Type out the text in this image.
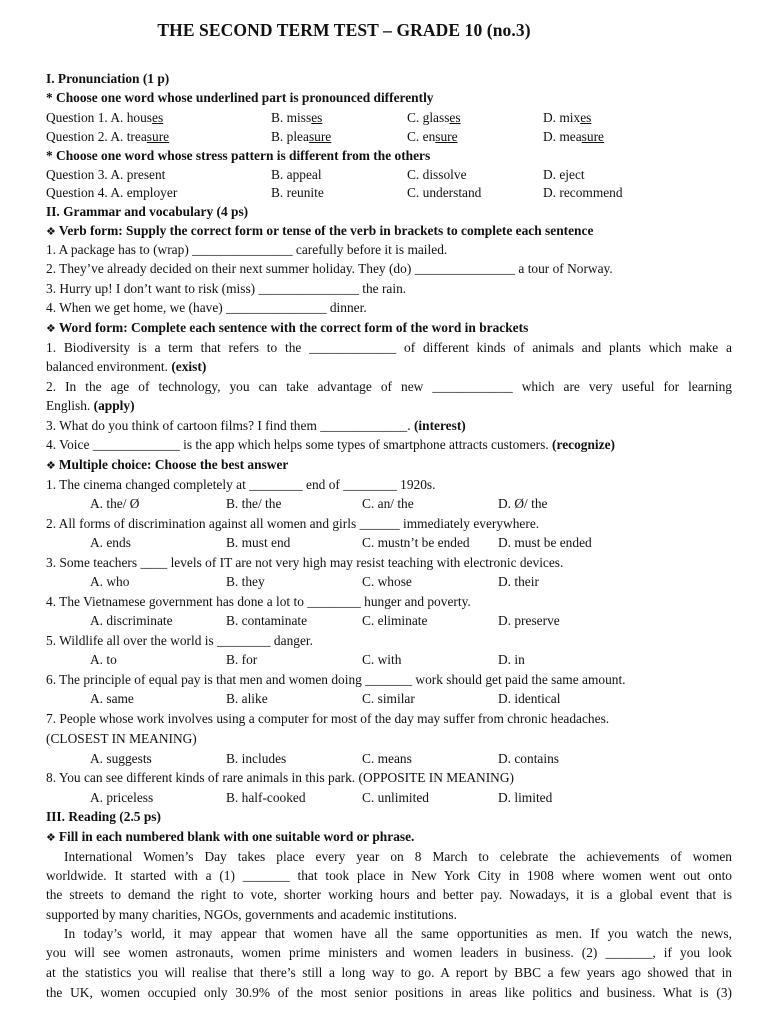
THE SECOND TERM TEST – GRADE 10 (no.3)
I. Pronunciation (1 p)
* Choose one word whose underlined part is pronounced differently
Question 1. A. houses	B. misses	C. glasses	D. mixes
Question 2. A. treasure	B. pleasure	C. ensure	D. measure
* Choose one word whose stress pattern is different from the others
Question 3. A. present	B. appeal	C. dissolve	D. eject
Question 4. A. employer	B. reunite	C. understand	D. recommend
II. Grammar and vocabulary (4 ps)
❖ Verb form: Supply the correct form or tense of the verb in brackets to complete each sentence
1. A package has to (wrap) _______________ carefully before it is mailed.
2. They’ve already decided on their next summer holiday. They (do) _______________ a tour of Norway.
3. Hurry up! I don’t want to risk (miss) _______________ the rain.
4. When we get home, we (have) _______________ dinner.
❖ Word form: Complete each sentence with the correct form of the word in brackets
1. Biodiversity is a term that refers to the _____________ of different kinds of animals and plants which make a
balanced environment. (exist)
2. In the age of technology, you can take advantage of new ____________ which are very useful for learning
English. (apply)
3. What do you think of cartoon films? I find them _____________. (interest)
4. Voice _____________ is the app which helps some types of smartphone attracts customers. (recognize)
❖ Multiple choice: Choose the best answer
1. The cinema changed completely at ________ end of ________ 1920s.
A. the/ Ø	B. the/ the	C. an/ the	D. Ø/ the
2. All forms of discrimination against all women and girls ______ immediately everywhere.
A. ends	B. must end	C. mustn’t be ended D. must be ended
3. Some teachers ____ levels of IT are not very high may resist teaching with electronic devices.
A. who	B. they	C. whose	D. their
4. The Vietnamese government has done a lot to ________ hunger and poverty.
A. discriminate	B. contaminate	C. eliminate	D. preserve
5. Wildlife all over the world is ________ danger.
A. to	B. for	C. with	D. in
6. The principle of equal pay is that men and women doing _______ work should get paid the same amount.
A. same	B. alike	C. similar	D. identical
7. People whose work involves using a computer for most of the day may suffer from chronic headaches.
(CLOSEST IN MEANING)
A. suggests	B. includes	C. means	D. contains
8. You can see different kinds of rare animals in this park. (OPPOSITE IN MEANING)
A. priceless	B. half-cooked	C. unlimited	D. limited
III. Reading (2.5 ps)
❖ Fill in each numbered blank with one suitable word or phrase.
International Women’s Day takes place every year on 8 March to celebrate the achievements of women
worldwide. It started with a (1) _______ that took place in New York City in 1908 where women went out onto
the streets to demand the right to vote, shorter working hours and better pay. Nowadays, it is a global event that is
supported by many charities, NGOs, governments and academic institutions.
In today’s world, it may appear that women have all the same opportunities as men. If you watch the news,
you will see women astronauts, women prime ministers and women leaders in business. (2) _______, if you look
at the statistics you will realise that there’s still a long way to go. A report by BBC a few years ago showed that in
the UK, women occupied only 30.9% of the most senior positions in areas like politics and business. What is (3)
